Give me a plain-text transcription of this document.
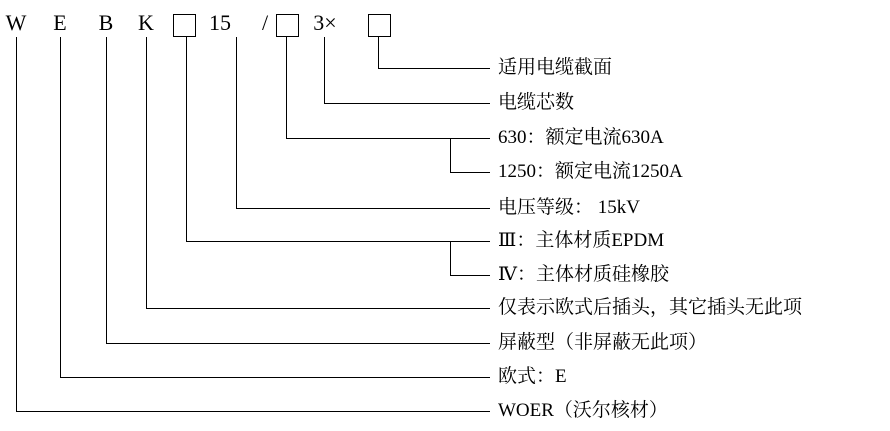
W E B K	15 / 3×
适用电缆截面
电缆芯数
630：额定电流630A
1250：额定电流1250A
电压等级： 15kV
Ⅲ：主体材质EPDM
Ⅳ：主体材质硅橡胶
仅表示欧式后插头，其它插头无此项
屏蔽型（非屏蔽无此项）
欧式：E
WOER（沃尔核材）
